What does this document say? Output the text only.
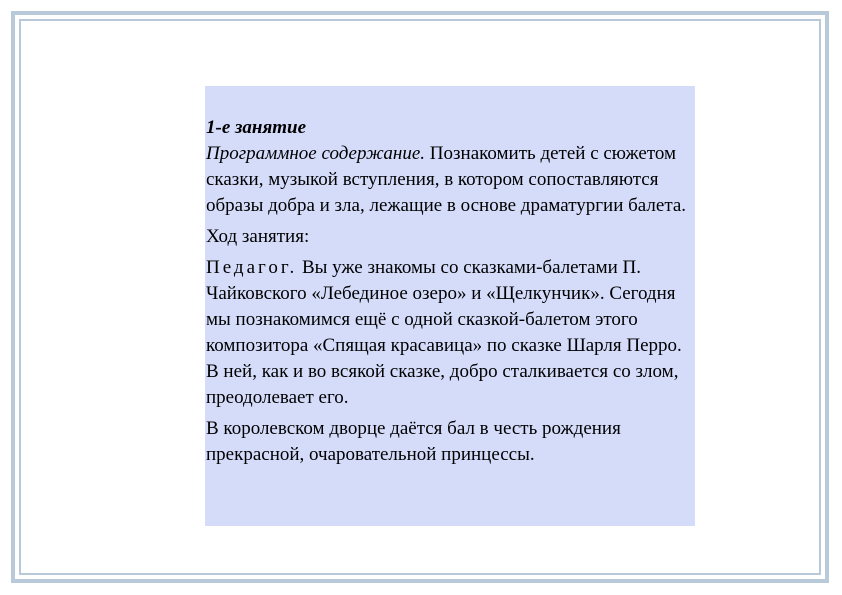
1-е занятие
Программное содержание. Познакомить детей с сюжетом сказки, музыкой вступления, в котором сопоставляются образы добра и зла, лежащие в основе драматургии балета.

Ход занятия:

Педагог. Вы уже знакомы со сказками-балетами П. Чайковского «Лебединое озеро» и «Щелкунчик». Сегодня мы познакомимся ещё с одной сказкой-балетом этого композитора «Спящая красавица» по сказке Шарля Перро. В ней, как и во всякой сказке, добро сталкивается со злом, преодолевает его.

В королевском дворце даётся бал в честь рождения прекрасной, очаровательной принцессы.
